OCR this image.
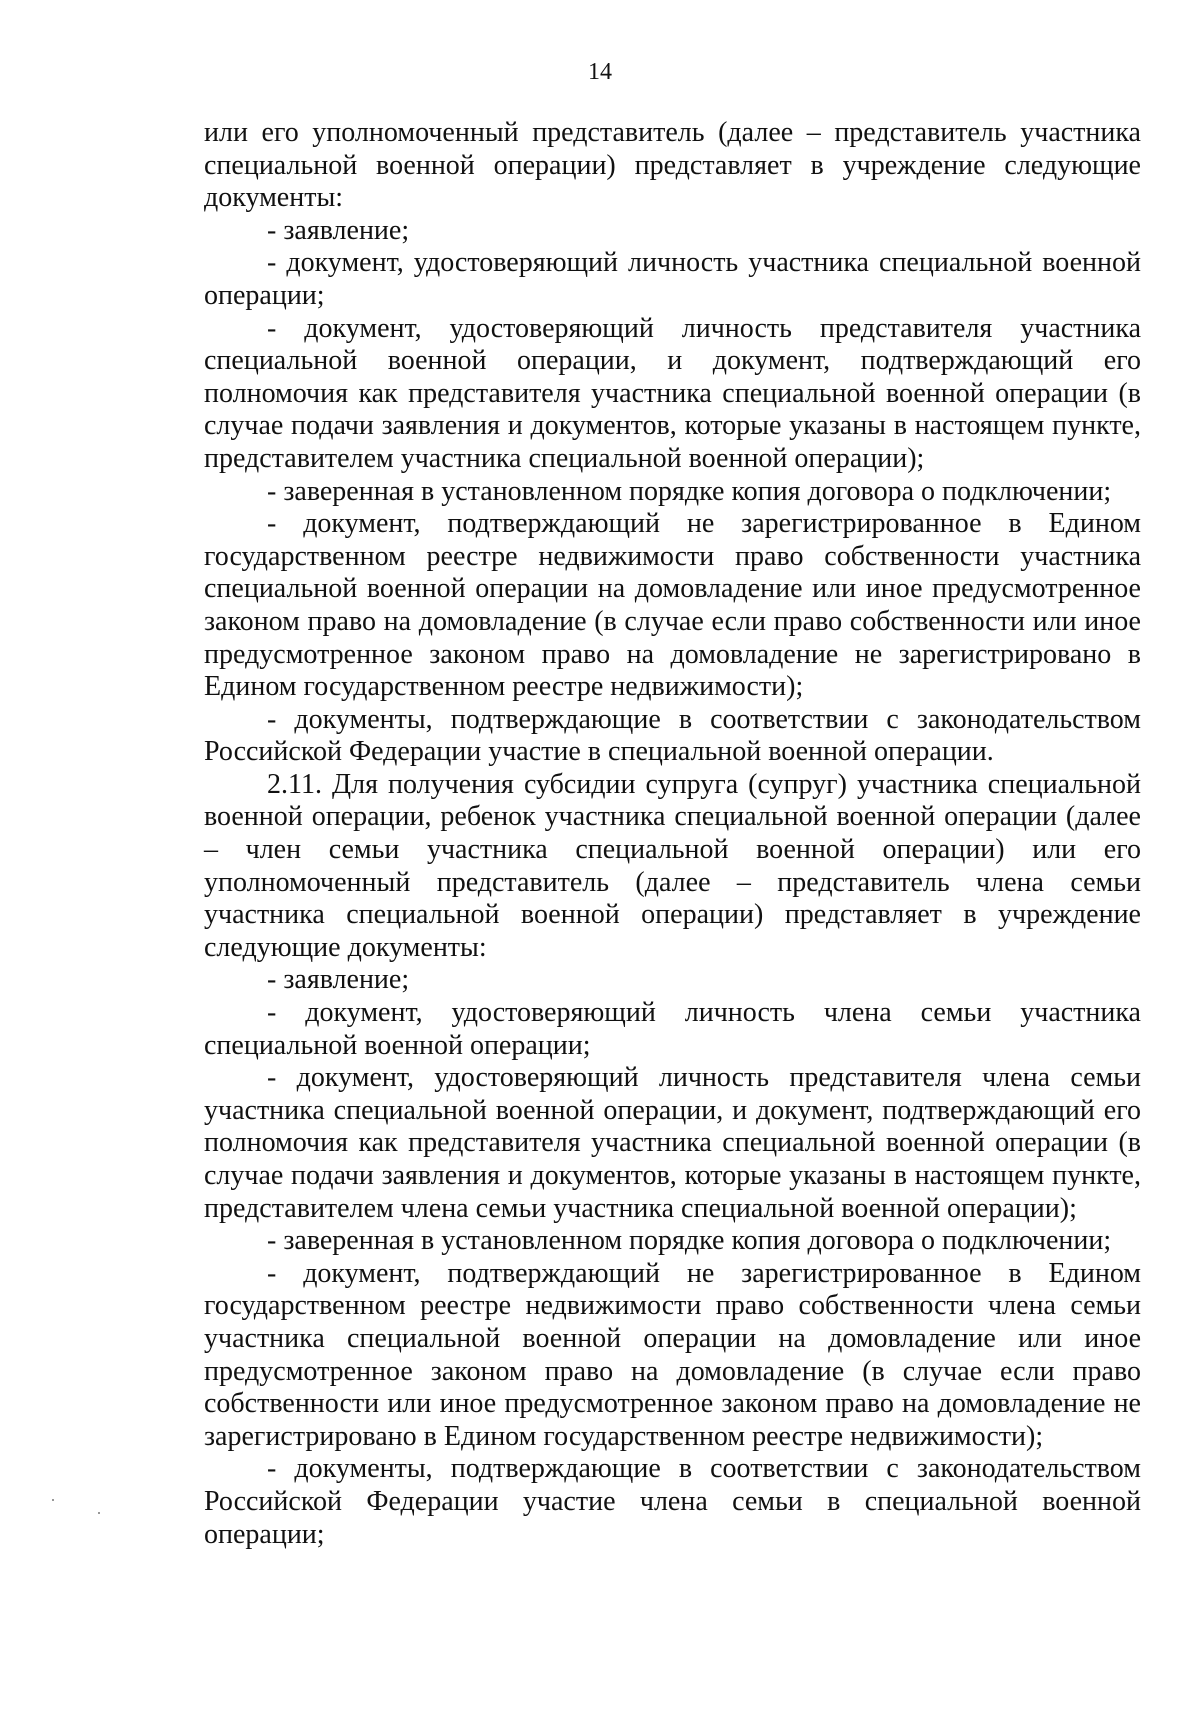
14

или его уполномоченный представитель (далее – представитель участника специальной военной операции) представляет в учреждение следующие документы:

- заявление;

- документ, удостоверяющий личность участника специальной военной операции;

- документ, удостоверяющий личность представителя участника специальной военной операции, и документ, подтверждающий его полномочия как представителя участника специальной военной операции (в случае подачи заявления и документов, которые указаны в настоящем пункте, представителем участника специальной военной операции);

- заверенная в установленном порядке копия договора о подключении;

- документ, подтверждающий не зарегистрированное в Едином государственном реестре недвижимости право собственности участника специальной военной операции на домовладение или иное предусмотренное законом право на домовладение (в случае если право собственности или иное предусмотренное законом право на домовладение не зарегистрировано в Едином государственном реестре недвижимости);

- документы, подтверждающие в соответствии с законодательством Российской Федерации участие в специальной военной операции.

2.11. Для получения субсидии супруга (супруг) участника специальной военной операции, ребенок участника специальной военной операции (далее – член семьи участника специальной военной операции) или его уполномоченный представитель (далее – представитель члена семьи участника специальной военной операции) представляет в учреждение следующие документы:

- заявление;

- документ, удостоверяющий личность члена семьи участника специальной военной операции;

- документ, удостоверяющий личность представителя члена семьи участника специальной военной операции, и документ, подтверждающий его полномочия как представителя участника специальной военной операции (в случае подачи заявления и документов, которые указаны в настоящем пункте, представителем члена семьи участника специальной военной операции);

- заверенная в установленном порядке копия договора о подключении;

- документ, подтверждающий не зарегистрированное в Едином государственном реестре недвижимости право собственности члена семьи участника специальной военной операции на домовладение или иное предусмотренное законом право на домовладение (в случае если право собственности или иное предусмотренное законом право на домовладение не зарегистрировано в Едином государственном реестре недвижимости);

- документы, подтверждающие в соответствии с законодательством Российской Федерации участие члена семьи в специальной военной операции;
